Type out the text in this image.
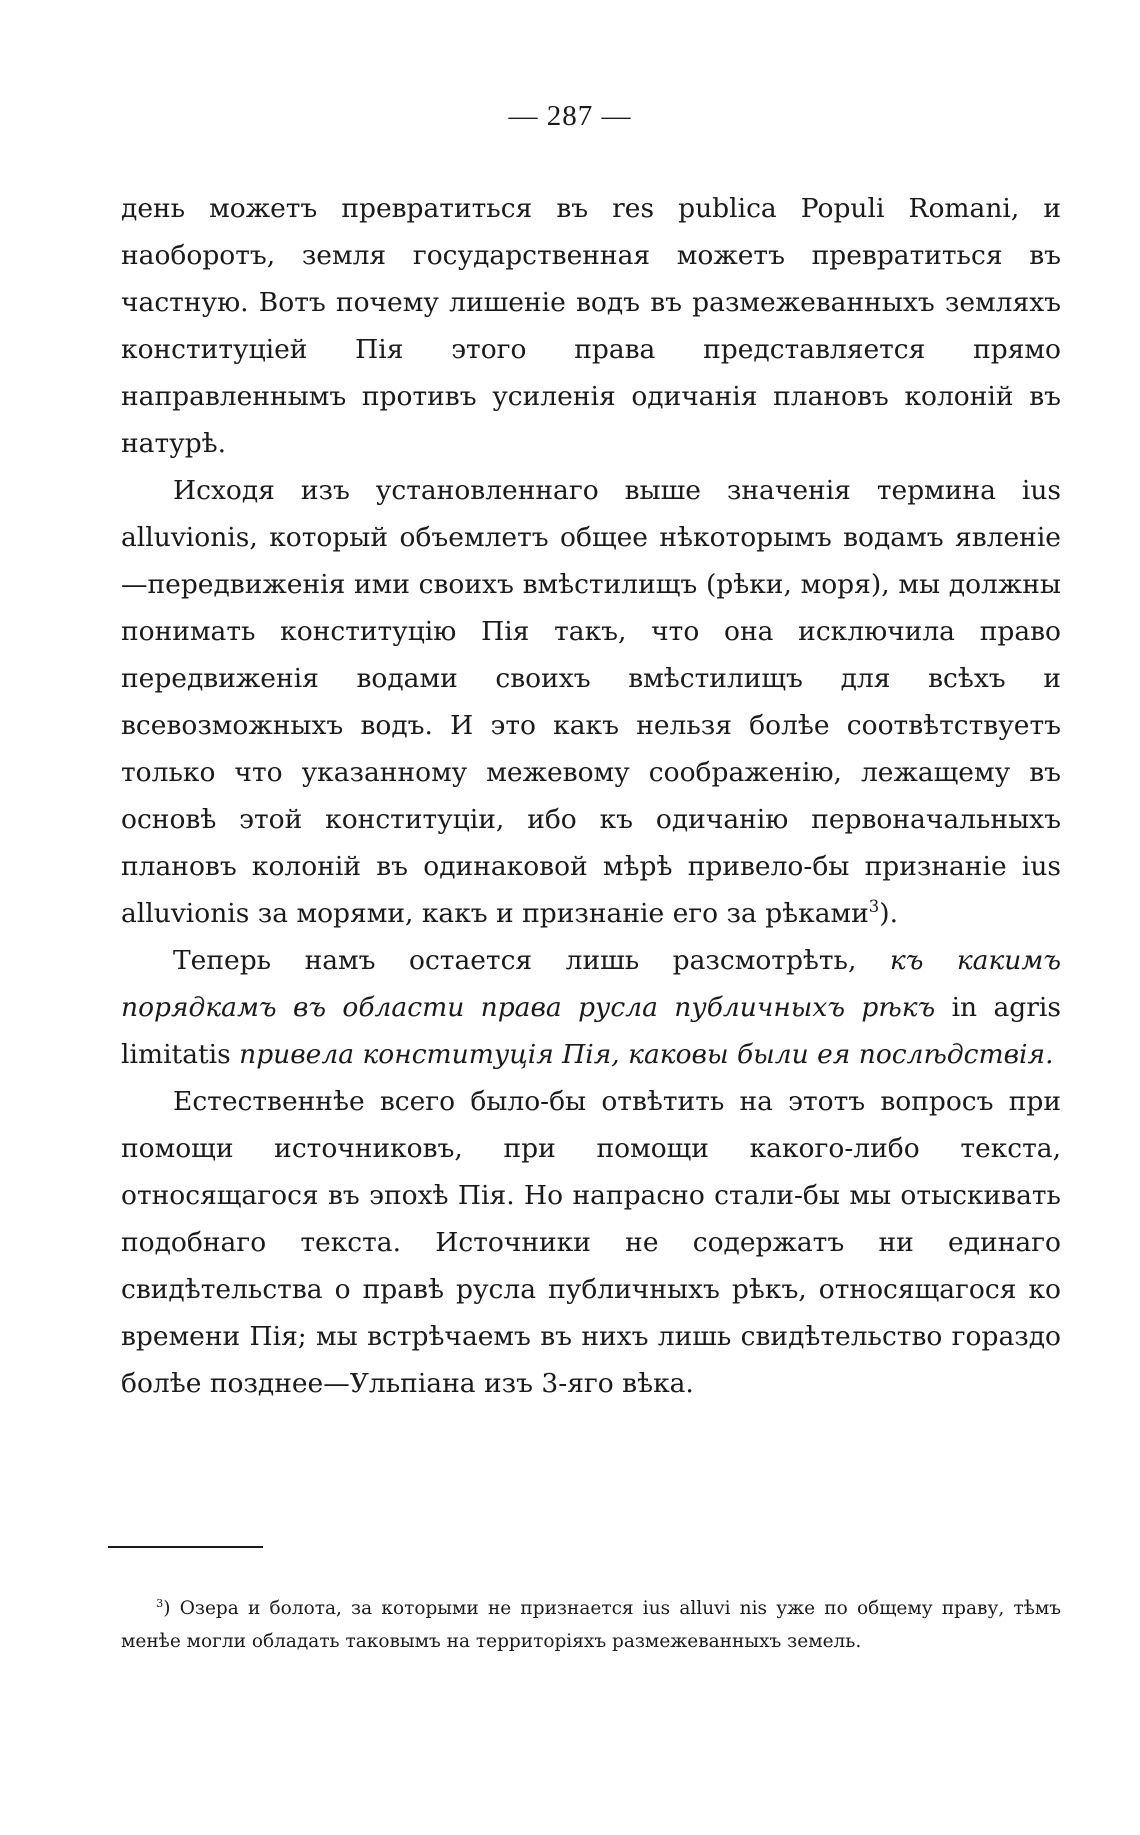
— 287 —

день можетъ превратиться въ res publica Populi Romani, и наоборотъ, земля государственная можетъ превратиться въ частную. Вотъ почему лишеніе водъ въ размежеванныхъ земляхъ конституціей Пія этого права представляется прямо направленнымъ противъ усиленія одичанія плановъ колоній въ натурѣ.

Исходя изъ установленнаго выше значенія термина ius alluvionis, который объемлетъ общее нѣкоторымъ водамъ явленіе—передвиженія ими своихъ вмѣстилищъ (рѣки, моря), мы должны понимать конституцію Пія такъ, что она исключила право передвиженія водами своихъ вмѣстилищъ для всѣхъ и всевозможныхъ водъ. И это какъ нельзя болѣе соотвѣтствуетъ только что указанному межевому соображенію, лежащему въ основѣ этой конституціи, ибо къ одичанію первоначальныхъ плановъ колоній въ одинаковой мѣрѣ привело-бы признаніе ius alluvionis за морями, какъ и признаніе его за рѣками$^3$).

Теперь намъ остается лишь разсмотрѣть, къ какимъ порядкамъ въ области права русла публичныхъ рѣкъ in agris limitatis привела конституція Пія, каковы были ея послѣдствія.

Естественнѣе всего было-бы отвѣтить на этотъ вопросъ при помощи источниковъ, при помощи какого-либо текста, относящагося въ эпохѣ Пія. Но напрасно стали-бы мы отыскивать подобнаго текста. Источники не содержатъ ни единаго свидѣтельства о правѣ русла публичныхъ рѣкъ, относящагося ко времени Пія; мы встрѣчаемъ въ нихъ лишь свидѣтельство гораздо болѣе позднее—Ульпіана изъ 3-яго вѣка.

$^3$) Озера и болота, за которыми не признается ius alluvi nis уже по общему праву, тѣмъ менѣе могли обладать таковымъ на территоріяхъ размежеванныхъ земель.
